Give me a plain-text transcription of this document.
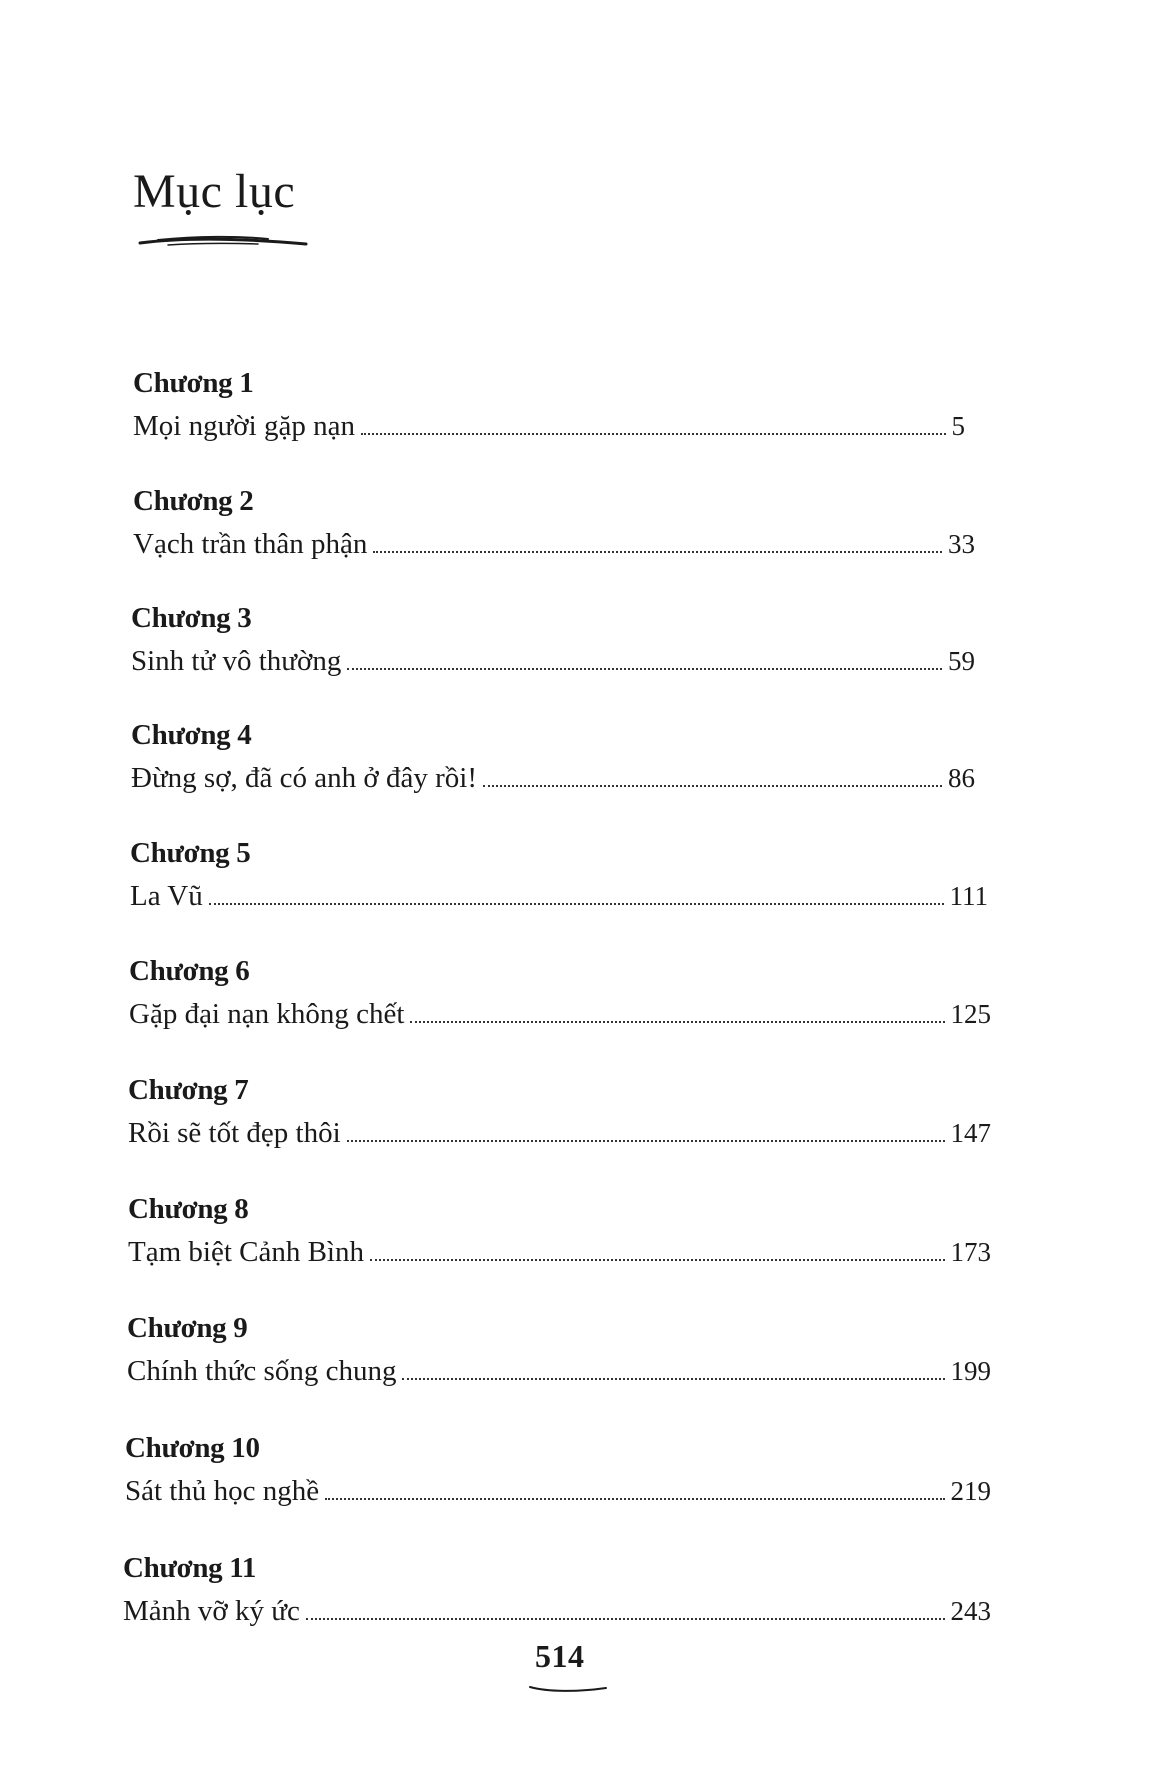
Mục lục
Chương 1
Mọi người gặp nạn	5
Chương 2
Vạch trần thân phận	33
Chương 3
Sinh tử vô thường	59
Chương 4
Đừng sợ, đã có anh ở đây rồi!	86
Chương 5
La Vũ	111
Chương 6
Gặp đại nạn không chết	125
Chương 7
Rồi sẽ tốt đẹp thôi	147
Chương 8
Tạm biệt Cảnh Bình	173
Chương 9
Chính thức sống chung	199
Chương 10
Sát thủ học nghề	219
Chương 11
Mảnh vỡ ký ức	243
514
